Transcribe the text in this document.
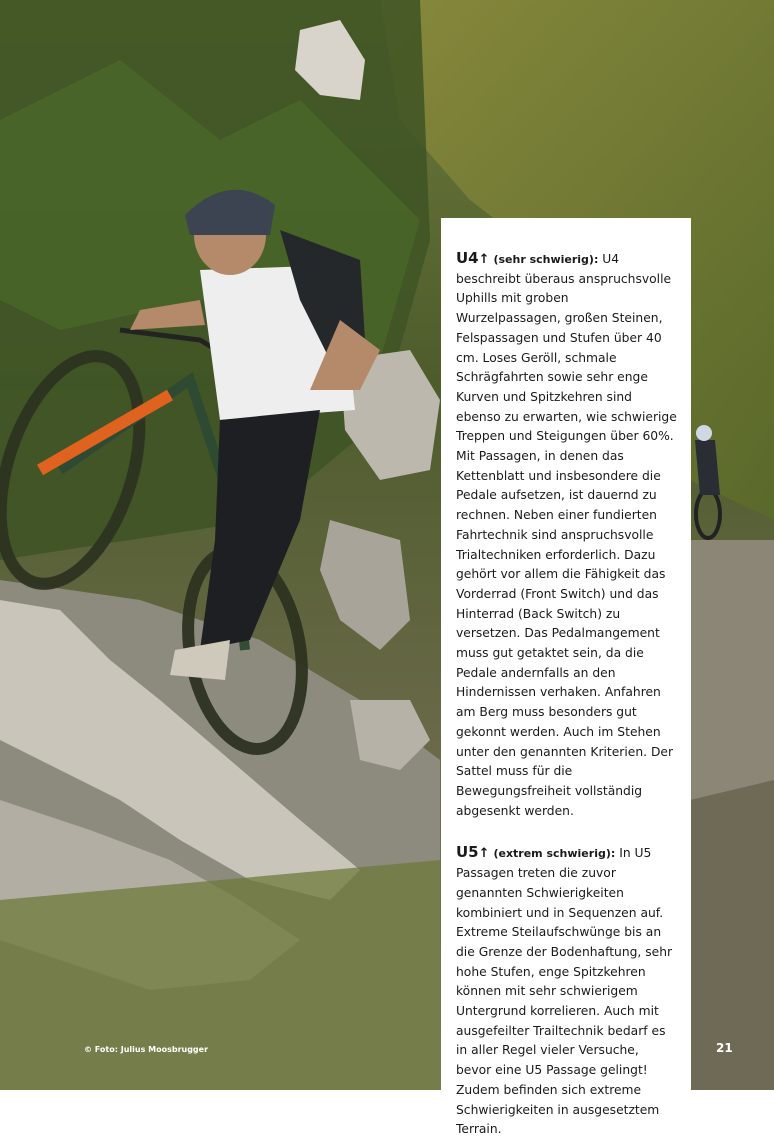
U4↑ (sehr schwierig): U4 beschreibt überaus anspruchsvolle Uphills mit groben Wurzelpassagen, großen Steinen, Felspassagen und Stufen über 40 cm. Loses Geröll, schmale Schrägfahrten sowie sehr enge Kurven und Spitzkehren sind ebenso zu erwarten, wie schwierige Treppen und Steigungen über 60%. Mit Passagen, in denen das Kettenblatt und insbesondere die Pedale aufsetzen, ist dauernd zu rechnen. Neben einer fundierten Fahrtechnik sind anspruchsvolle Trialtechniken erforderlich. Dazu gehört vor allem die Fähigkeit das Vorderrad (Front Switch) und das Hinterrad (Back Switch) zu versetzen. Das Pedalmangement muss gut getaktet sein, da die Pedale andernfalls an den Hindernissen verhaken. Anfahren am Berg muss besonders gut gekonnt werden. Auch im Stehen unter den genannten Kriterien. Der Sattel muss für die Bewegungsfreiheit vollständig abgesenkt werden.

U5↑ (extrem schwierig): In U5 Passagen treten die zuvor genannten Schwierigkeiten kombiniert und in Sequenzen auf. Extreme Steilaufschwünge bis an die Grenze der Bodenhaftung, sehr hohe Stufen, enge Spitzkehren können mit sehr schwierigem Untergrund korrelieren. Auch mit ausgefeilter Trailtechnik bedarf es in aller Regel vieler Versuche, bevor eine U5 Passage gelingt! Zudem befinden sich extreme Schwierigkeiten in ausgesetztem Terrain.

© Foto: Julius Moosbrugger	21
